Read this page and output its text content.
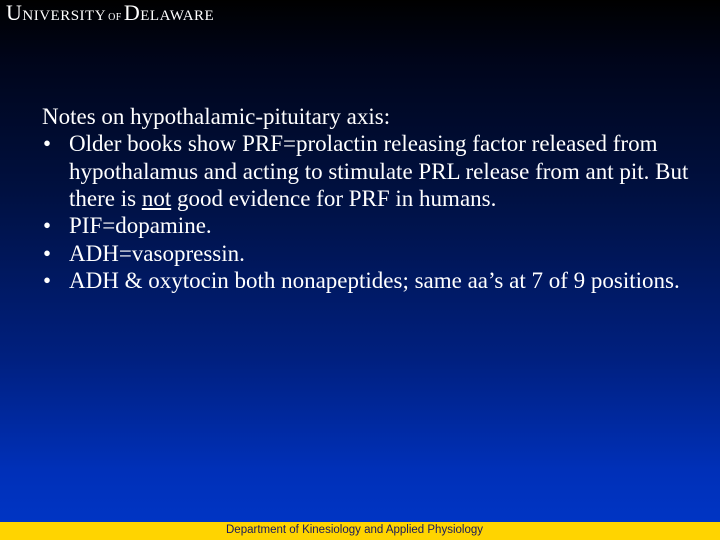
U NIVERSITY OF D ELAWARE

Notes on hypothalamic-pituitary axis:

• Older books show PRF=prolactin releasing factor released from hypothalamus and acting to stimulate PRL release from ant pit. But there is not good evidence for PRF in humans.
• PIF=dopamine.
• ADH=vasopressin.
• ADH & oxytocin both nonapeptides; same aa’s at 7 of 9 positions.
Department of Kinesiology and Applied Physiology
